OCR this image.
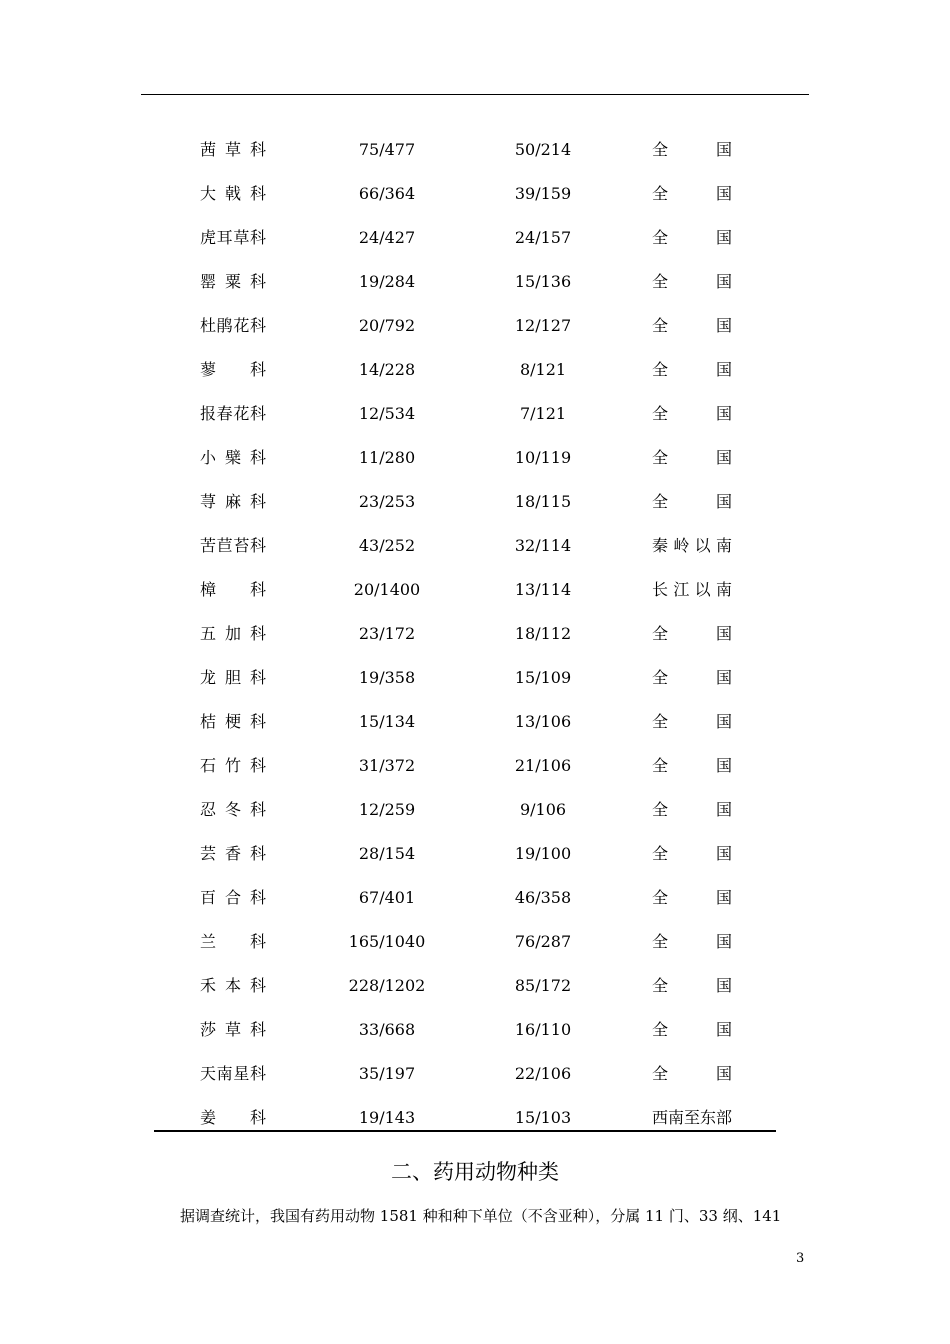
茜草科	75/477	50/214	全国
大戟科	66/364	39/159	全国
虎耳草科	24/427	24/157	全国
罂粟科	19/284	15/136	全国
杜鹃花科	20/792	12/127	全国
蓼科	14/228	8/121	全国
报春花科	12/534	7/121	全国
小檗科	11/280	10/119	全国
荨麻科	23/253	18/115	全国
苦苣苔科	43/252	32/114	秦岭以南
樟科	20/1400	13/114	长江以南
五加科	23/172	18/112	全国
龙胆科	19/358	15/109	全国
桔梗科	15/134	13/106	全国
石竹科	31/372	21/106	全国
忍冬科	12/259	9/106	全国
芸香科	28/154	19/100	全国
百合科	67/401	46/358	全国
兰科	165/1040	76/287	全国
禾本科	228/1202	85/172	全国
莎草科	33/668	16/110	全国
天南星科	35/197	22/106	全国
姜科	19/143	15/103	西南至东部
二、药用动物种类
据调查统计，我国有药用动物 1581 种和种下单位（不含亚种），分属 11 门、33 纲、141
3
